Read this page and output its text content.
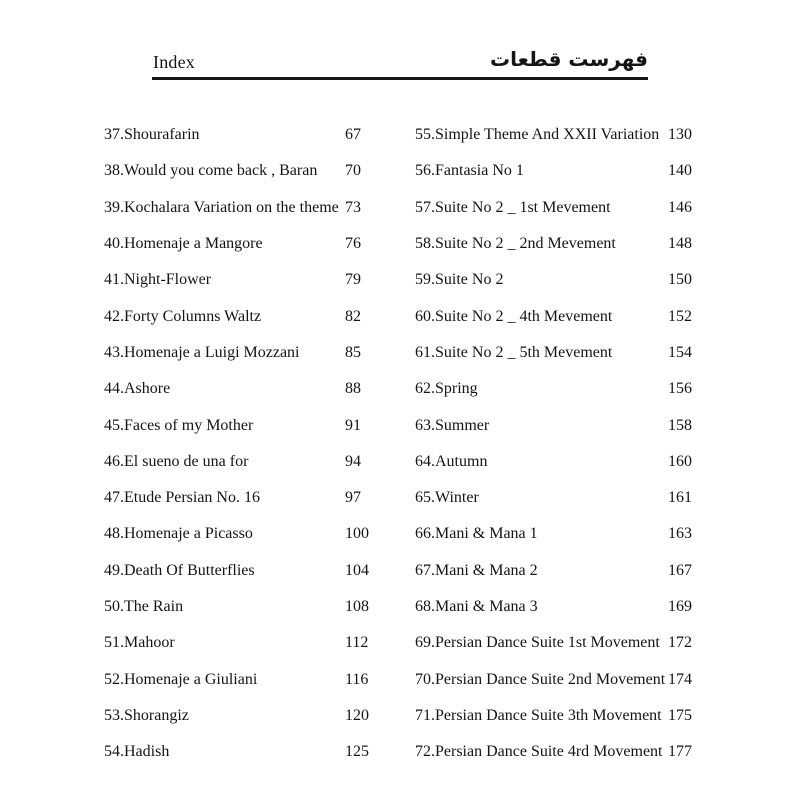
Index	فهرست قطعات
37.Shourafarin	67
38.Would you come back , Baran	70
39.Kochalara Variation on the theme 73
40.Homenaje a Mangore	76
41.Night-Flower	79
42.Forty Columns Waltz	82
43.Homenaje a Luigi Mozzani	85
44.Ashore	88
45.Faces of my Mother	91
46.El sueno de una for	94
47.Etude Persian No. 16	97
48.Homenaje a Picasso	100
49.Death Of Butterflies	104
50.The Rain	108
51.Mahoor	112
52.Homenaje a Giuliani	116
53.Shorangiz	120
54.Hadish	125
55.Simple Theme And XXII Variation 130
56.Fantasia No 1	140
57.Suite No 2 _ 1st Mevement	146
58.Suite No 2 _ 2nd Mevement	148
59.Suite No 2	150
60.Suite No 2 _ 4th Mevement	152
61.Suite No 2 _ 5th Mevement	154
62.Spring	156
63.Summer	158
64.Autumn	160
65.Winter	161
66.Mani & Mana 1	163
67.Mani & Mana 2	167
68.Mani & Mana 3	169
69.Persian Dance Suite 1st Movement 172
70.Persian Dance Suite 2nd Movement 174
71.Persian Dance Suite 3th Movement 175
72.Persian Dance Suite 4rd Movement 177
